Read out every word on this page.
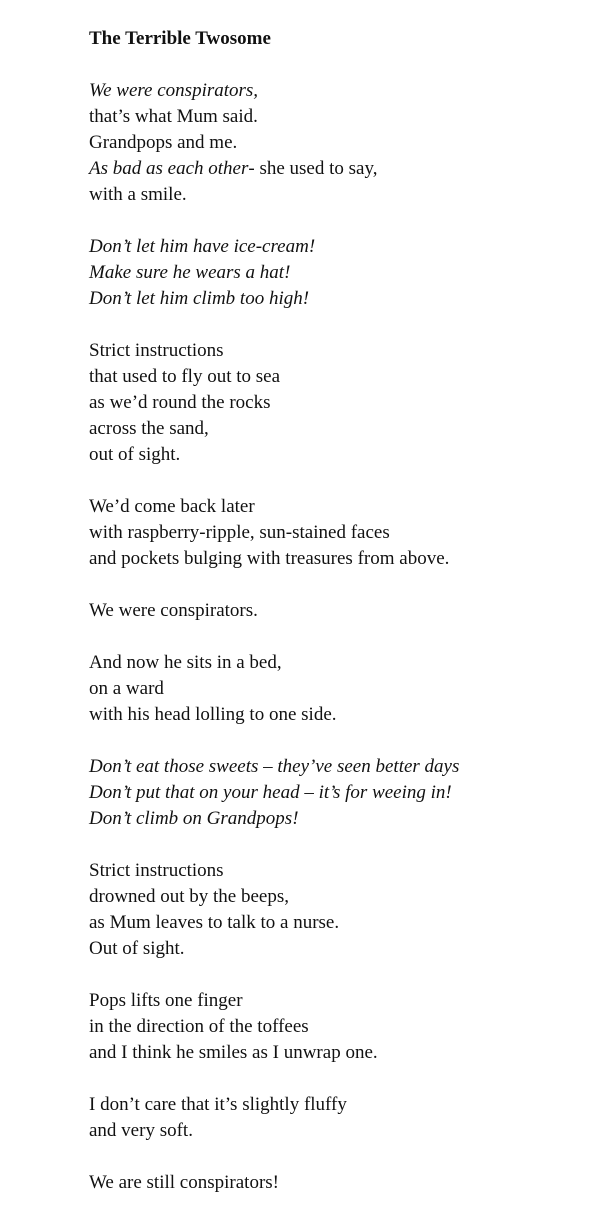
The Terrible Twosome
We were conspirators,
that’s what Mum said.
Grandpops and me.
As bad as each other- she used to say,
with a smile.
Don’t let him have ice-cream!
Make sure he wears a hat!
Don’t let him climb too high!
Strict instructions
that used to fly out to sea
as we’d round the rocks
across the sand,
out of sight.
We’d come back later
with raspberry-ripple, sun-stained faces
and pockets bulging with treasures from above.
We were conspirators.
And now he sits in a bed,
on a ward
with his head lolling to one side.
Don’t eat those sweets – they’ve seen better days
Don’t put that on your head – it’s for weeing in!
Don’t climb on Grandpops!
Strict instructions
drowned out by the beeps,
as Mum leaves to talk to a nurse.
Out of sight.
Pops lifts one finger
in the direction of the toffees
and I think he smiles as I unwrap one.
I don’t care that it’s slightly fluffy
and very soft.
We are still conspirators!
